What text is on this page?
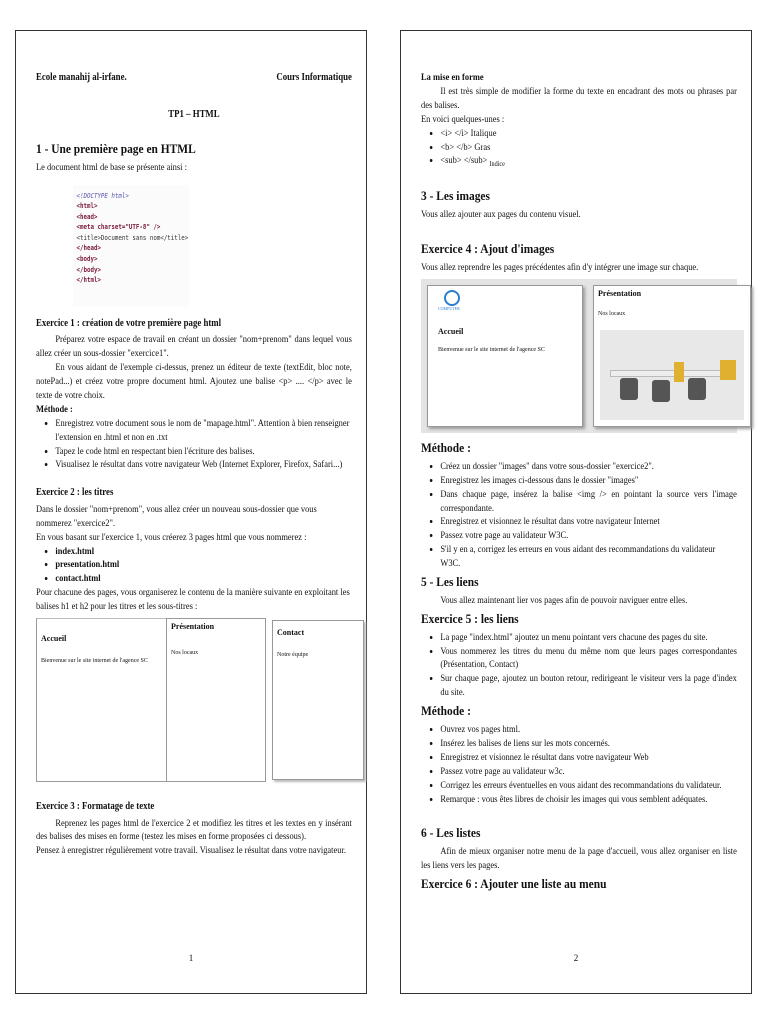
Ecole manahij al-irfane.	Cours Informatique
TP1 – HTML
1 - Une première page en HTML

Le document html de base se présente ainsi :

<!DOCTYPE html>
<html>
<head>
<meta charset="UTF-8" />
<title>Document sans nom</title>
</head>
<body>
</body>
</html>
Exercice 1 : création de votre première page html

Préparez votre espace de travail en créant un dossier "nom+prenom" dans lequel vous allez créer un sous-dossier "exercice1".

En vous aidant de l'exemple ci-dessus, prenez un éditeur de texte (textEdit, bloc note, notePad...) et créez votre propre document html. Ajoutez une balise <p> .... </p> avec le texte de votre choix.

Méthode :

• Enregistrez votre document sous le nom de "mapage.html". Attention à bien renseigner l'extension en .html et non en .txt
• Tapez le code html en respectant bien l'écriture des balises.
• Visualisez le résultat dans votre navigateur Web (Internet Explorer, Firefox, Safari...)
Exercice 2 : les titres

Dans le dossier "nom+prenom", vous allez créer un nouveau sous-dossier que vous nommerez "exercice2".

En vous basant sur l'exercice 1, vous créerez 3 pages html que vous nommerez :

• index.html
• presentation.html
• contact.html

Pour chacune des pages, vous organiserez le contenu de la manière suivante en exploitant les balises h1 et h2 pour les titres et les sous-titres :

Accueil
Bienvenue sur le site internet de l'agence SC
Présentation
Nos locaux
Contact
Notre équipe
Exercice 3 : Formatage de texte

Reprenez les pages html de l'exercice 2 et modifiez les titres et les textes en y insérant des balises des mises en forme (testez les mises en forme proposées ci dessous).

Pensez à enregistrer régulièrement votre travail. Visualisez le résultat dans votre navigateur.

1

La mise en forme

Il est très simple de modifier la forme du texte en encadrant des mots ou phrases par des balises.

En voici quelques-unes :

• <i> </i> Italique
• <b> </b> Gras
• <sub> </sub> $_{Indice}$
3 - Les images

Vous allez ajouter aux pages du contenu visuel.

Exercice 4 : Ajout d'images

Vous allez reprendre les pages précédentes afin d'y intégrer une image sur chaque.

COMPUTER
Accueil
Bienvenue sur le site internet de l'agence SC
Présentation
Nos locaux
Méthode :
• Créez un dossier "images" dans votre sous-dossier "exercice2".
• Enregistrez les images ci-dessous dans le dossier "images"
• Dans chaque page, insérez la balise <img /> en pointant la source vers l'image correspondante.
• Enregistrez et visionnez le résultat dans votre navigateur Internet
• Passez votre page au validateur W3C.
• S'il y en a, corrigez les erreurs en vous aidant des recommandations du validateur W3C.
5 - Les liens

Vous allez maintenant lier vos pages afin de pouvoir naviguer entre elles.

Exercice 5 : les liens
• La page "index.html" ajoutez un menu pointant vers chacune des pages du site.
• Vous nommerez les titres du menu du même nom que leurs pages correspondantes (Présentation, Contact)
• Sur chaque page, ajoutez un bouton retour, redirigeant le visiteur vers la page d'index du site.
Méthode :
• Ouvrez vos pages html.
• Insérez les balises de liens sur les mots concernés.
• Enregistrez et visionnez le résultat dans votre navigateur Web
• Passez votre page au validateur w3c.
• Corrigez les erreurs éventuelles en vous aidant des recommandations du validateur.
• Remarque : vous êtes libres de choisir les images qui vous semblent adéquates.
6 - Les listes

Afin de mieux organiser notre menu de la page d'accueil, vous allez organiser en liste les liens vers les pages.

Exercice 6 : Ajouter une liste au menu
2
